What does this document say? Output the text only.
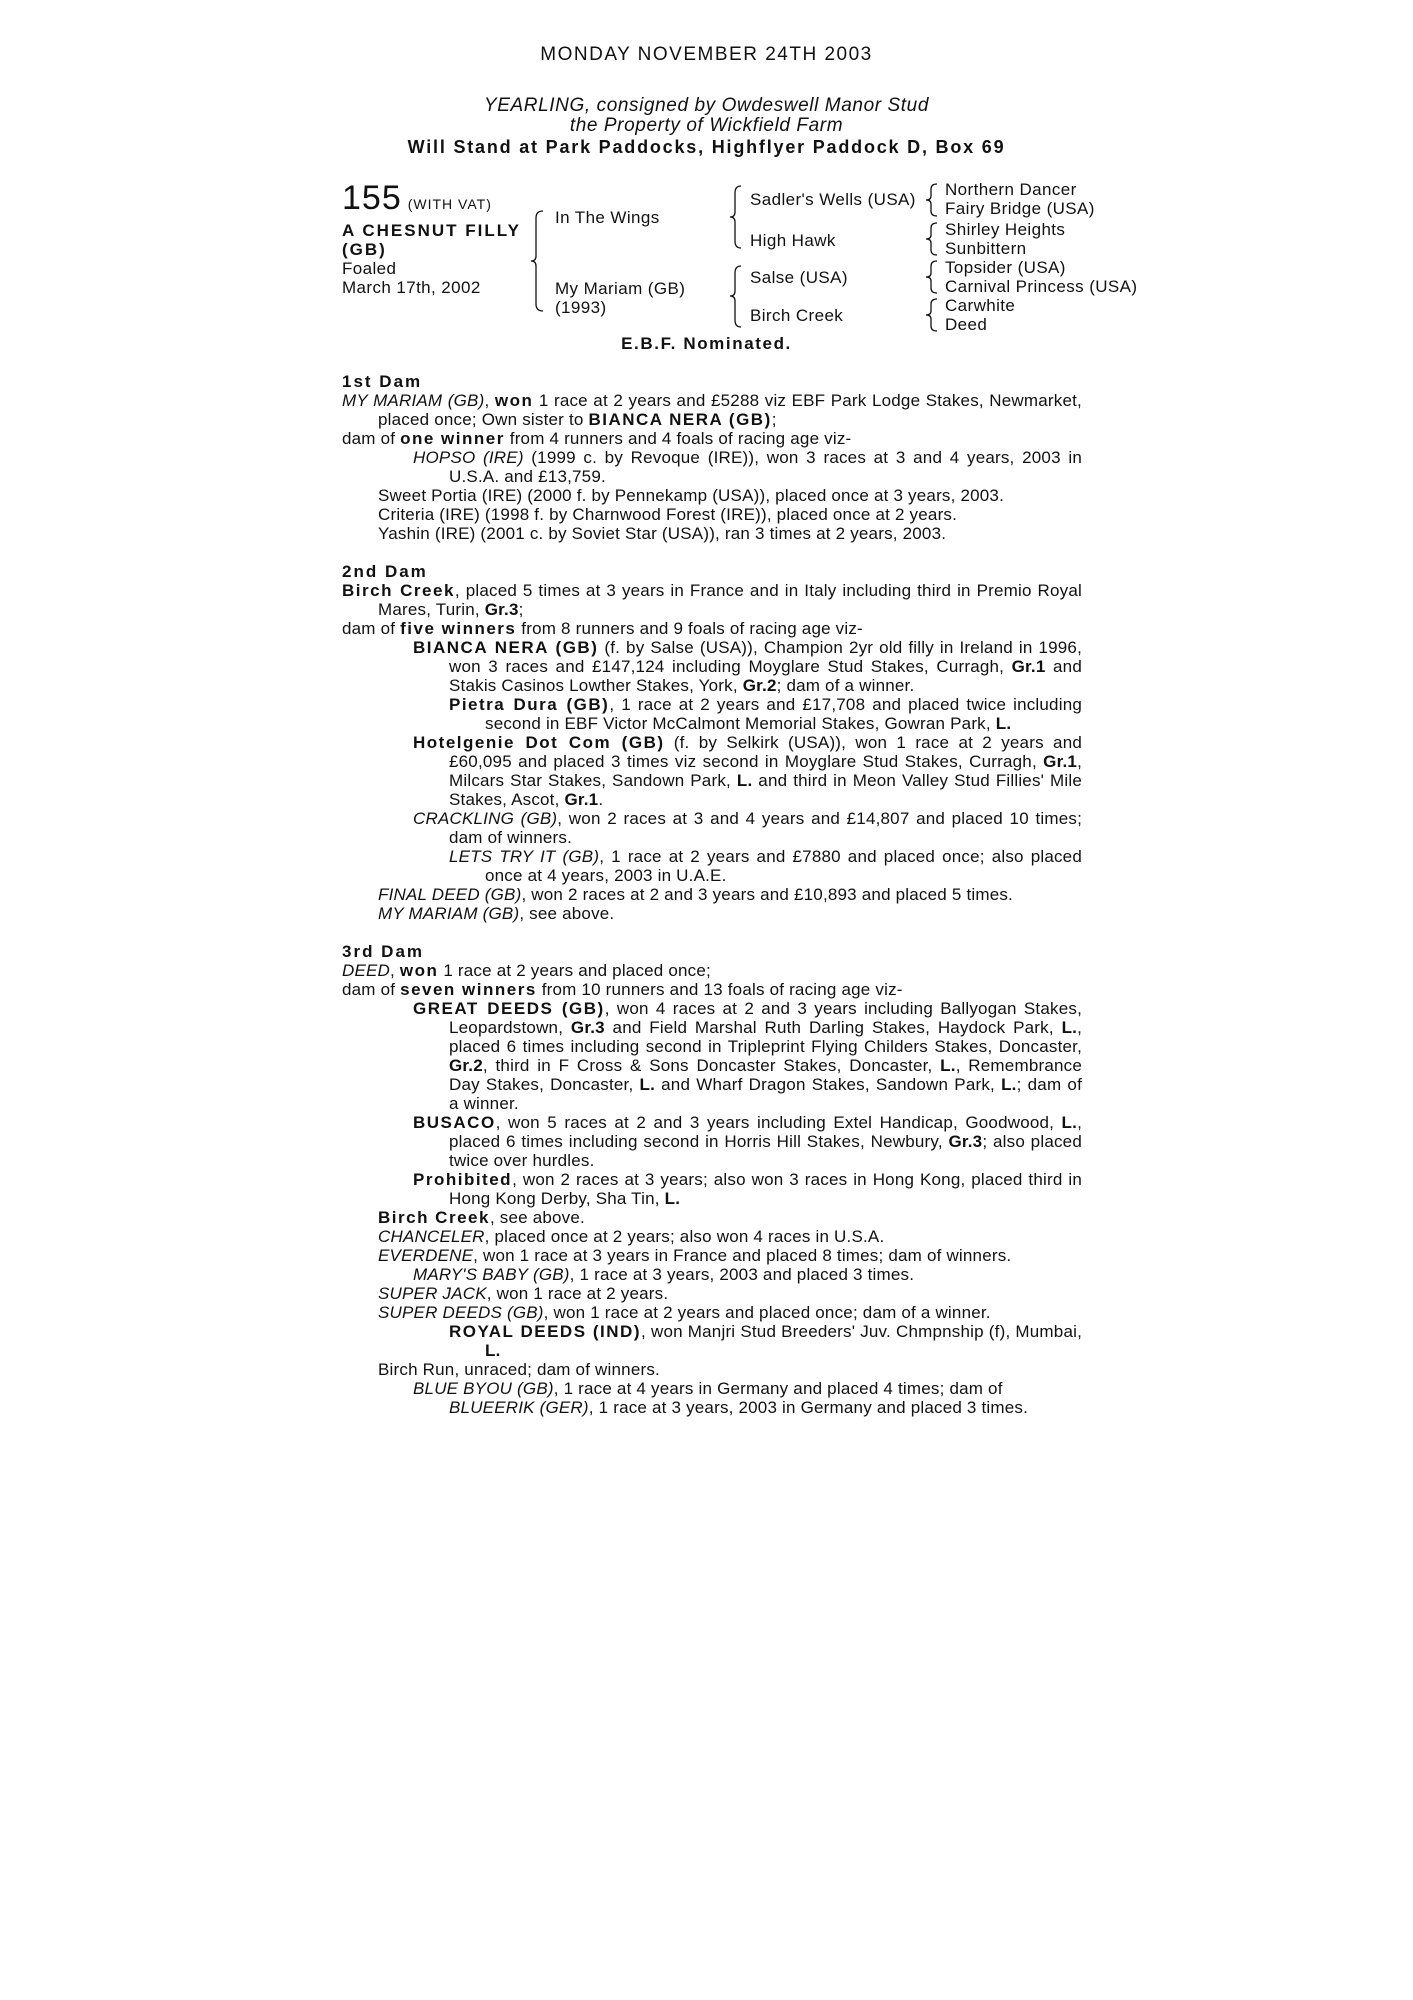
MONDAY NOVEMBER 24TH 2003
YEARLING, consigned by Owdeswell Manor Stud
the Property of Wickfield Farm
Will Stand at Park Paddocks, Highflyer Paddock D, Box 69
155 (WITH VAT)
A CHESNUT FILLY
(GB)
Foaled
March 17th, 2002
In The Wings
My Mariam (GB)
(1993)
Sadler's Wells (USA)
High Hawk
Salse (USA)
Birch Creek
Northern Dancer
Fairy Bridge (USA)
Shirley Heights
Sunbittern
Topsider (USA)
Carnival Princess (USA)
Carwhite
Deed
E.B.F. Nominated.
1st Dam
MY MARIAM (GB), won 1 race at 2 years and £5288 viz EBF Park Lodge Stakes, Newmarket, placed once; Own sister to BIANCA NERA (GB);
dam of one winner from 4 runners and 4 foals of racing age viz-
HOPSO (IRE) (1999 c. by Revoque (IRE)), won 3 races at 3 and 4 years, 2003 in U.S.A. and £13,759.
Sweet Portia (IRE) (2000 f. by Pennekamp (USA)), placed once at 3 years, 2003.
Criteria (IRE) (1998 f. by Charnwood Forest (IRE)), placed once at 2 years.
Yashin (IRE) (2001 c. by Soviet Star (USA)), ran 3 times at 2 years, 2003.
2nd Dam
Birch Creek, placed 5 times at 3 years in France and in Italy including third in Premio Royal Mares, Turin, Gr.3;
dam of five winners from 8 runners and 9 foals of racing age viz-
BIANCA NERA (GB) (f. by Salse (USA)), Champion 2yr old filly in Ireland in 1996, won 3 races and £147,124 including Moyglare Stud Stakes, Curragh, Gr.1 and Stakis Casinos Lowther Stakes, York, Gr.2; dam of a winner.
Pietra Dura (GB), 1 race at 2 years and £17,708 and placed twice including second in EBF Victor McCalmont Memorial Stakes, Gowran Park, L.
Hotelgenie Dot Com (GB) (f. by Selkirk (USA)), won 1 race at 2 years and £60,095 and placed 3 times viz second in Moyglare Stud Stakes, Curragh, Gr.1, Milcars Star Stakes, Sandown Park, L. and third in Meon Valley Stud Fillies' Mile Stakes, Ascot, Gr.1.
CRACKLING (GB), won 2 races at 3 and 4 years and £14,807 and placed 10 times; dam of winners.
LETS TRY IT (GB), 1 race at 2 years and £7880 and placed once; also placed once at 4 years, 2003 in U.A.E.
FINAL DEED (GB), won 2 races at 2 and 3 years and £10,893 and placed 5 times.
MY MARIAM (GB), see above.
3rd Dam
DEED, won 1 race at 2 years and placed once;
dam of seven winners from 10 runners and 13 foals of racing age viz-
GREAT DEEDS (GB), won 4 races at 2 and 3 years including Ballyogan Stakes, Leopardstown, Gr.3 and Field Marshal Ruth Darling Stakes, Haydock Park, L., placed 6 times including second in Tripleprint Flying Childers Stakes, Doncaster, Gr.2, third in F Cross & Sons Doncaster Stakes, Doncaster, L., Remembrance Day Stakes, Doncaster, L. and Wharf Dragon Stakes, Sandown Park, L.; dam of a winner.
BUSACO, won 5 races at 2 and 3 years including Extel Handicap, Goodwood, L., placed 6 times including second in Horris Hill Stakes, Newbury, Gr.3; also placed twice over hurdles.
Prohibited, won 2 races at 3 years; also won 3 races in Hong Kong, placed third in Hong Kong Derby, Sha Tin, L.
Birch Creek, see above.
CHANCELER, placed once at 2 years; also won 4 races in U.S.A.
EVERDENE, won 1 race at 3 years in France and placed 8 times; dam of winners.
MARY'S BABY (GB), 1 race at 3 years, 2003 and placed 3 times.
SUPER JACK, won 1 race at 2 years.
SUPER DEEDS (GB), won 1 race at 2 years and placed once; dam of a winner.
ROYAL DEEDS (IND), won Manjri Stud Breeders' Juv. Chmpnship (f), Mumbai, L.
Birch Run, unraced; dam of winners.
BLUE BYOU (GB), 1 race at 4 years in Germany and placed 4 times; dam of
BLUEERIK (GER), 1 race at 3 years, 2003 in Germany and placed 3 times.
